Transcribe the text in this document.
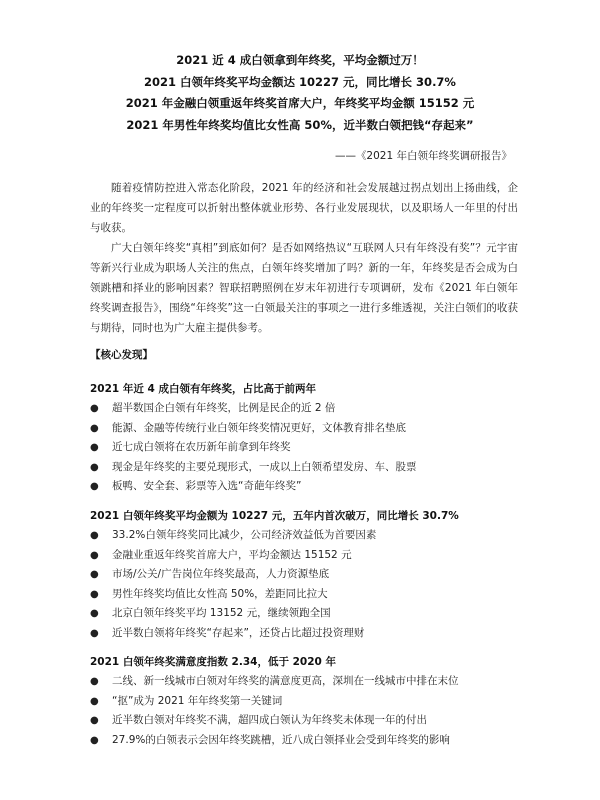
2021 近 4 成白领拿到年终奖，平均金额过万！
2021 白领年终奖平均金额达 10227 元，同比增长 30.7%
2021 年金融白领重返年终奖首席大户，年终奖平均金额 15152 元
2021 年男性年终奖均值比女性高 50%，近半数白领把钱“存起来”
——《2021 年白领年终奖调研报告》

随着疫情防控进入常态化阶段，2021 年的经济和社会发展越过拐点划出上扬曲线，企业的年终奖一定程度可以折射出整体就业形势、各行业发展现状，以及职场人一年里的付出与收获。

广大白领年终奖“真相”到底如何？是否如网络热议“互联网人只有年终没有奖”？元宇宙等新兴行业成为职场人关注的焦点，白领年终奖增加了吗？新的一年，年终奖是否会成为白领跳槽和择业的影响因素？智联招聘照例在岁末年初进行专项调研，发布《2021 年白领年终奖调查报告》，围绕“年终奖”这一白领最关注的事项之一进行多维透视，关注白领们的收获与期待，同时也为广大雇主提供参考。

【核心发现】
2021 年近 4 成白领有年终奖，占比高于前两年
● 超半数国企白领有年终奖，比例是民企的近 2 倍
● 能源、金融等传统行业白领年终奖情况更好，文体教育排名垫底
● 近七成白领将在农历新年前拿到年终奖
● 现金是年终奖的主要兑现形式，一成以上白领希望发房、车、股票
● 板鸭、安全套、彩票等入选“奇葩年终奖”
2021 白领年终奖平均金额为 10227 元，五年内首次破万，同比增长 30.7%
● 33.2%白领年终奖同比减少，公司经济效益低为首要因素
● 金融业重返年终奖首席大户，平均金额达 15152 元
● 市场/公关/广告岗位年终奖最高，人力资源垫底
● 男性年终奖均值比女性高 50%，差距同比拉大
● 北京白领年终奖平均 13152 元，继续领跑全国
● 近半数白领将年终奖“存起来”，还贷占比超过投资理财
2021 白领年终奖满意度指数 2.34，低于 2020 年
● 二线、新一线城市白领对年终奖的满意度更高，深圳在一线城市中排在末位
● “抠”成为 2021 年年终奖第一关键词
● 近半数白领对年终奖不满，超四成白领认为年终奖未体现一年的付出
● 27.9%的白领表示会因年终奖跳槽，近八成白领择业会受到年终奖的影响
